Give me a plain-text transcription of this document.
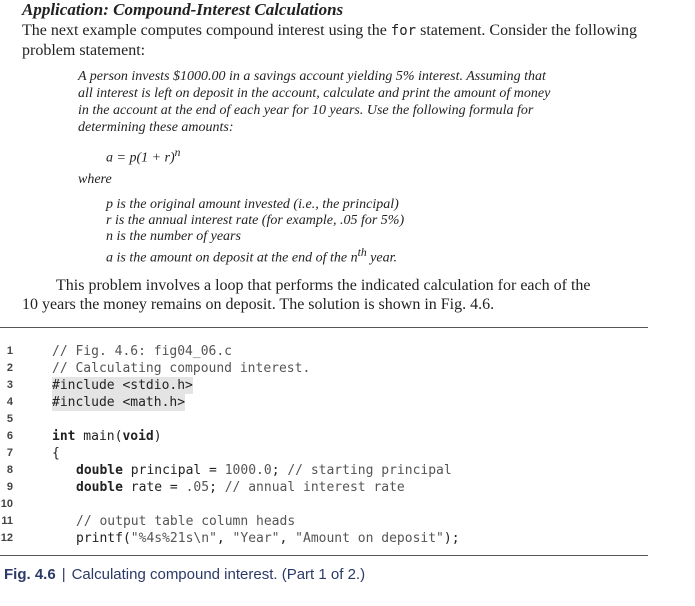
Application: Compound-Interest Calculations
The next example computes compound interest using the for statement. Consider the following problem statement:
A person invests $1000.00 in a savings account yielding 5% interest. Assuming that
all interest is left on deposit in the account, calculate and print the amount of money
in the account at the end of each year for 10 years. Use the following formula for
determining these amounts:
$a = p(1 + r)^n$
where
p is the original amount invested (i.e., the principal)
r is the annual interest rate (for example, .05 for 5%)
n is the number of years
a is the amount on deposit at the end of the $n^{th}$ year.
This problem involves a loop that performs the indicated calculation for each of the
10 years the money remains on deposit. The solution is shown in Fig. 4.6.
1	// Fig. 4.6: fig04_06.c
2	// Calculating compound interest.
3	#include <stdio.h>
4	#include <math.h>
5
6	int main(void)
7	{
8	double principal = 1000.0; // starting principal
9	double rate = .05; // annual interest rate
10
11	// output table column heads
12	printf("%4s%21s\n", "Year", "Amount on deposit");
Fig. 4.6 | Calculating compound interest. (Part 1 of 2.)
